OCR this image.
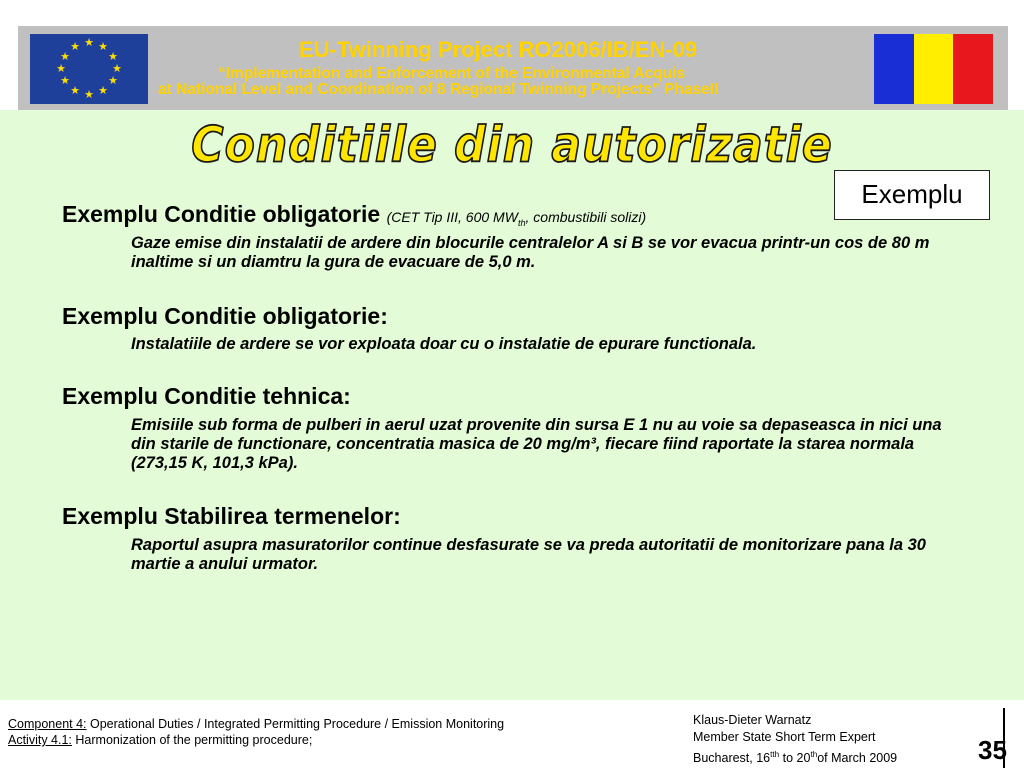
★ ★
★
★
★
★
★
★
★
★
★
★	EU-Twinning Project RO2006/IB/EN-09
“Implementation and Enforcement of the Environmental Acquis
at National Level and Coordination of 8 Regional Twinning Projects” PhaseII
Conditiile din autorizatie
Exemplu
Exemplu Conditie obligatorie (CET Tip III, 600 $MW_{th}$, combustibili solizi)
Gaze emise din instalatii de ardere din blocurile centralelor A si B se vor evacua printr-un cos de 80 m inaltime si un diamtru la gura de evacuare de 5,0 m.
Exemplu Conditie obligatorie:
Instalatiile de ardere se vor exploata doar cu o instalatie de epurare functionala.
Exemplu Conditie tehnica:
Emisiile sub forma de pulberi in aerul uzat provenite din sursa E 1 nu au voie sa depaseasca in nici una din starile de functionare, concentratia masica de 20 mg/m³, fiecare fiind raportate la starea normala (273,15 K, 101,3 kPa).
Exemplu Stabilirea termenelor:
Raportul asupra masuratorilor continue desfasurate se va preda autoritatii de monitorizare pana la 30 martie a anului urmator.
Component 4: Operational Duties / Integrated Permitting Procedure / Emission Monitoring
Activity 4.1: Harmonization of the permitting procedure;
Klaus-Dieter Warnatz
Member State Short Term Expert
Bucharest, $16^{tth}$ to 20thof March 2009	35
